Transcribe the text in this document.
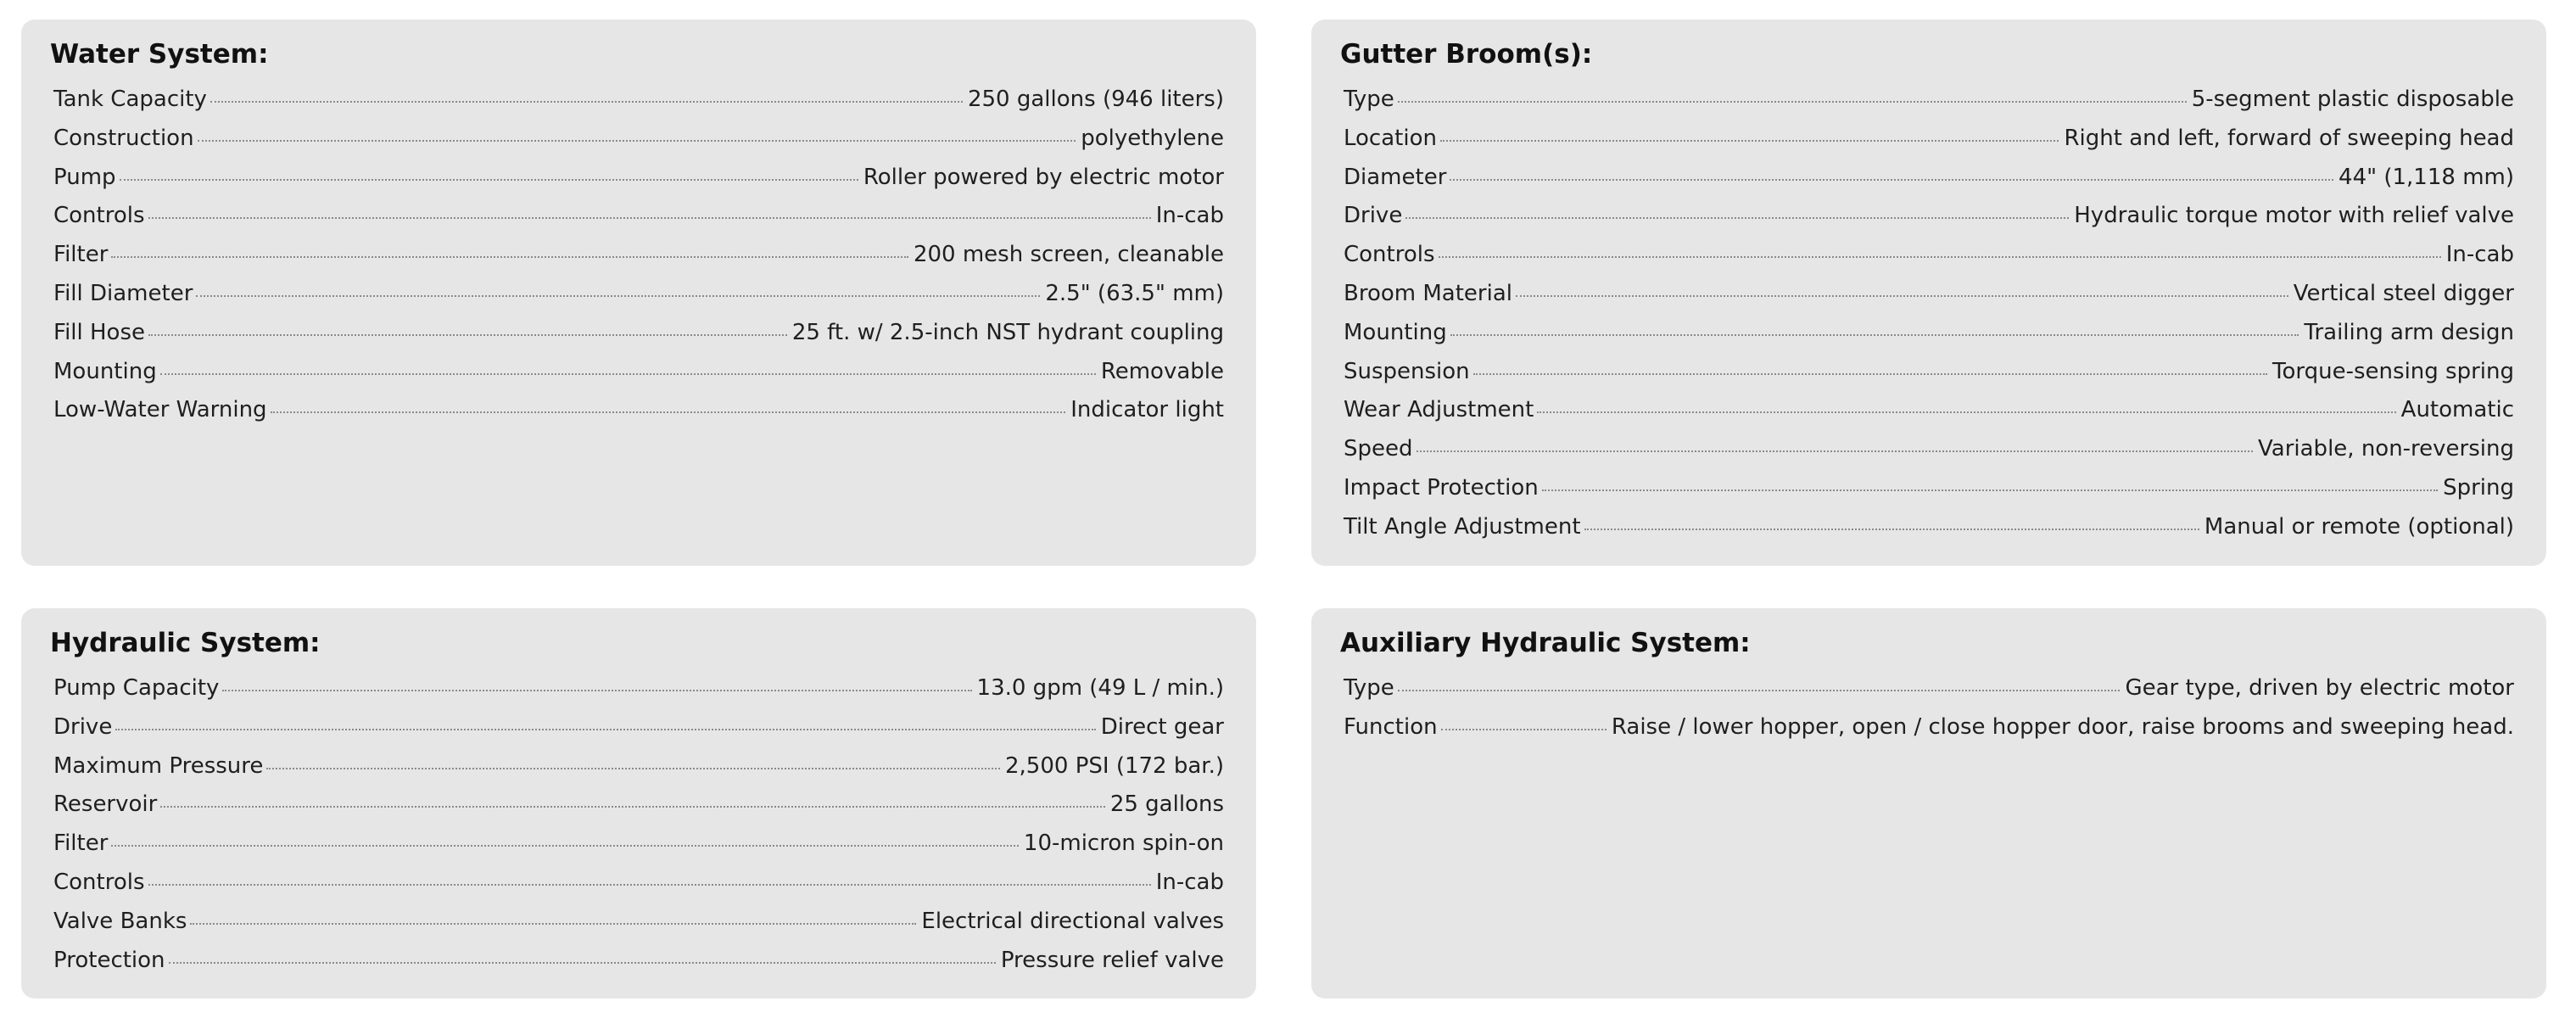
Water System:
Tank Capacity	250 gallons (946 liters)
Construction	polyethylene
Pump	Roller powered by electric motor
Controls	In-cab
Filter	200 mesh screen, cleanable
Fill Diameter	2.5" (63.5" mm)
Fill Hose	25 ft. w/ 2.5-inch NST hydrant coupling
Mounting	Removable
Low-Water Warning	Indicator light
Gutter Broom(s):
Type	5-segment plastic disposable
Location	Right and left, forward of sweeping head
Diameter	44" (1,118 mm)
Drive	Hydraulic torque motor with relief valve
Controls	In-cab
Broom Material	Vertical steel digger
Mounting	Trailing arm design
Suspension	Torque-sensing spring
Wear Adjustment	Automatic
Speed	Variable, non-reversing
Impact Protection	Spring
Tilt Angle Adjustment	Manual or remote (optional)
Hydraulic System:
Pump Capacity	13.0 gpm (49 L / min.)
Drive	Direct gear
Maximum Pressure	2,500 PSI (172 bar.)
Reservoir	25 gallons
Filter	10-micron spin-on
Controls	In-cab
Valve Banks	Electrical directional valves
Protection	Pressure relief valve
Auxiliary Hydraulic System:
Type	Gear type, driven by electric motor
Function	Raise / lower hopper, open / close hopper door, raise brooms and sweeping head.
